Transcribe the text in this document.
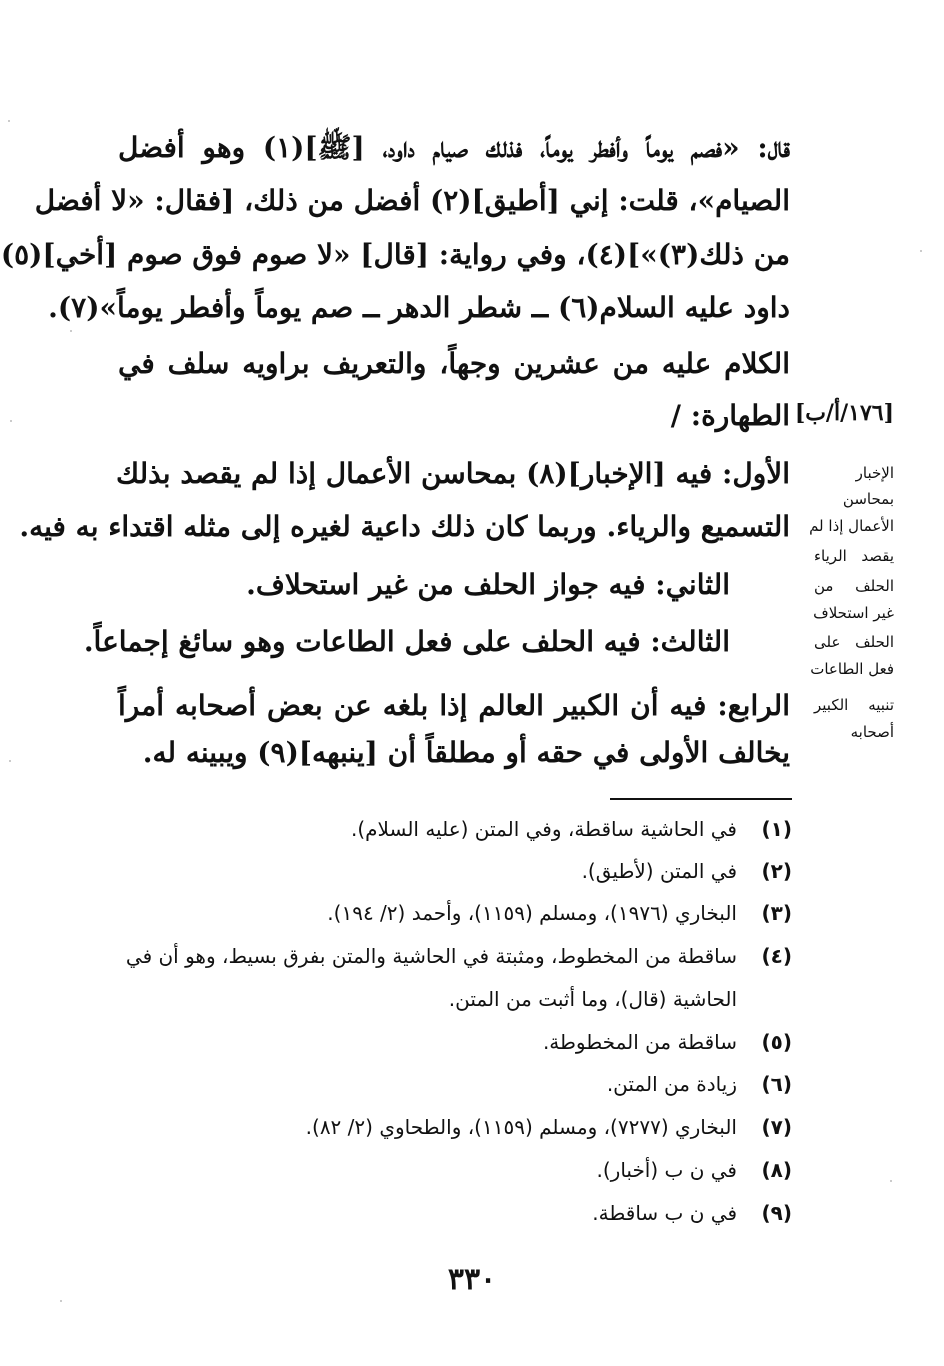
قال: «فصم يوماً وأفطر يوماً، فذلك صيام داود، [ﷺ](١) وهو أفضل
الصيام»، قلت: إني [أطيق](٢) أفضل من ذلك، [فقال: «لا أفضل
من ذلك(٣)»](٤)، وفي رواية: [قال] «لا صوم فوق صوم [أخي](٥)
داود عليه السلام(٦) ــ شطر الدهر ــ صم يوماً وأفطر يوماً»(٧).
الكلام عليه من عشرين وجهاً، والتعريف براويه سلف في
الطهارة: / [١٧٦/أ/ب]
الأول: فيه [الإخبار](٨) بمحاسن الأعمال إذا لم يقصد بذلك
التسميع والرياء. وربما كان ذلك داعية لغيره إلى مثله اقتداء به فيه.
الثاني: فيه جواز الحلف من غير استحلاف.
الثالث: فيه الحلف على فعل الطاعات وهو سائغ إجماعاً.
الرابع: فيه أن الكبير العالم إذا بلغه عن بعض أصحابه أمراً
يخالف الأولى في حقه أو مطلقاً أن [ينبهه](٩) ويبينه له.
الإخبار
بمحاسن
الأعمال إذا لم
يقصد الرياء
الحلف من
غير استحلاف
الحلف على
فعل الطاعات
تنبيه الكبير
أصحابه
(١)
في الحاشية ساقطة، وفي المتن (عليه السلام).
(٢)
في المتن (لأطيق).
(٣)
البخاري (١٩٧٦)، ومسلم (١١٥٩)، وأحمد (٢/ ١٩٤).
(٤)
ساقطة من المخطوط، ومثبتة في الحاشية والمتن بفرق بسيط، وهو أن في
الحاشية (قال)، وما أثبت من المتن.
(٥)
ساقطة من المخطوطة.
(٦)
زيادة من المتن.
(٧)
البخاري (٧٢٧٧)، ومسلم (١١٥٩)، والطحاوي (٢/ ٨٢).
(٨)
في ن ب (أخبار).
(٩)
في ن ب ساقطة.
٣٣٠
